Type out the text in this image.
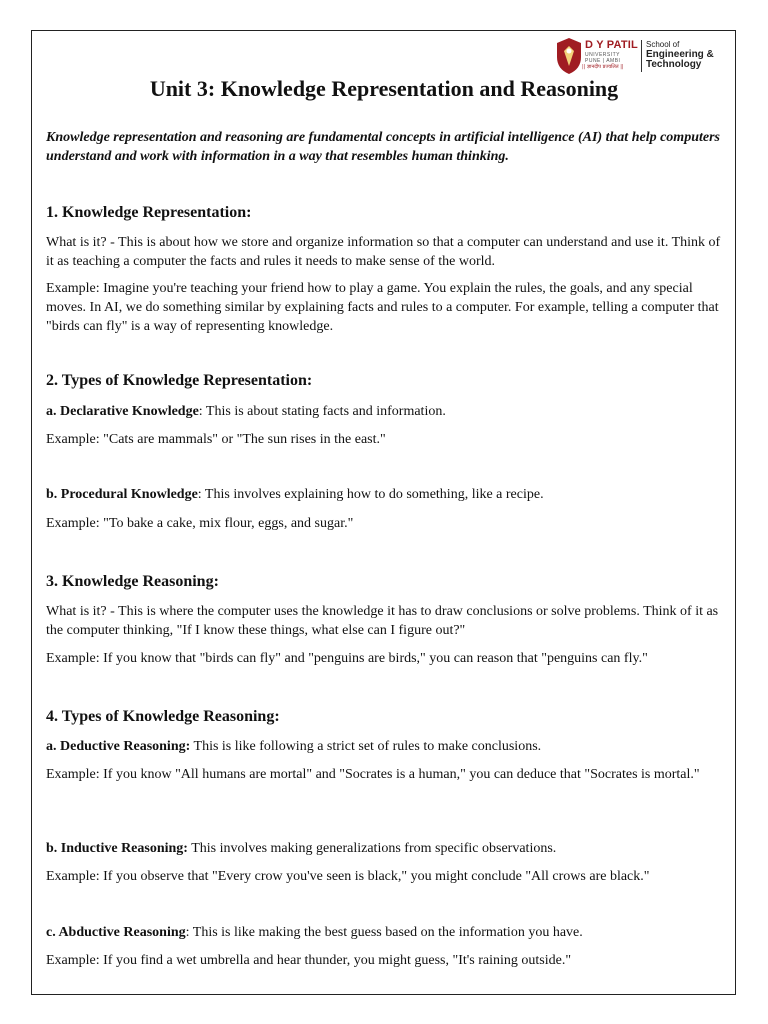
D Y PATIL
UNIVERSITY
PUNE | AMBI
|| ज्ञानदीप प्रज्वलितं ||
School of
Engineering &
Technology
Unit 3: Knowledge Representation and Reasoning

Knowledge representation and reasoning are fundamental concepts in artificial intelligence (AI) that help computers understand and work with information in a way that resembles human thinking.

1. Knowledge Representation:

What is it? - This is about how we store and organize information so that a computer can understand and use it. Think of it as teaching a computer the facts and rules it needs to make sense of the world.

Example: Imagine you're teaching your friend how to play a game. You explain the rules, the goals, and any special moves. In AI, we do something similar by explaining facts and rules to a computer. For example, telling a computer that "birds can fly" is a way of representing knowledge.

2. Types of Knowledge Representation:

a. Declarative Knowledge: This is about stating facts and information.

Example: "Cats are mammals" or "The sun rises in the east."

b. Procedural Knowledge: This involves explaining how to do something, like a recipe.

Example: "To bake a cake, mix flour, eggs, and sugar."

3. Knowledge Reasoning:

What is it? - This is where the computer uses the knowledge it has to draw conclusions or solve problems. Think of it as the computer thinking, "If I know these things, what else can I figure out?"

Example: If you know that "birds can fly" and "penguins are birds," you can reason that "penguins can fly."

4. Types of Knowledge Reasoning:

a. Deductive Reasoning: This is like following a strict set of rules to make conclusions.

Example: If you know "All humans are mortal" and "Socrates is a human," you can deduce that "Socrates is mortal."

b. Inductive Reasoning: This involves making generalizations from specific observations.

Example: If you observe that "Every crow you've seen is black," you might conclude "All crows are black."

c. Abductive Reasoning: This is like making the best guess based on the information you have.

Example: If you find a wet umbrella and hear thunder, you might guess, "It's raining outside."
